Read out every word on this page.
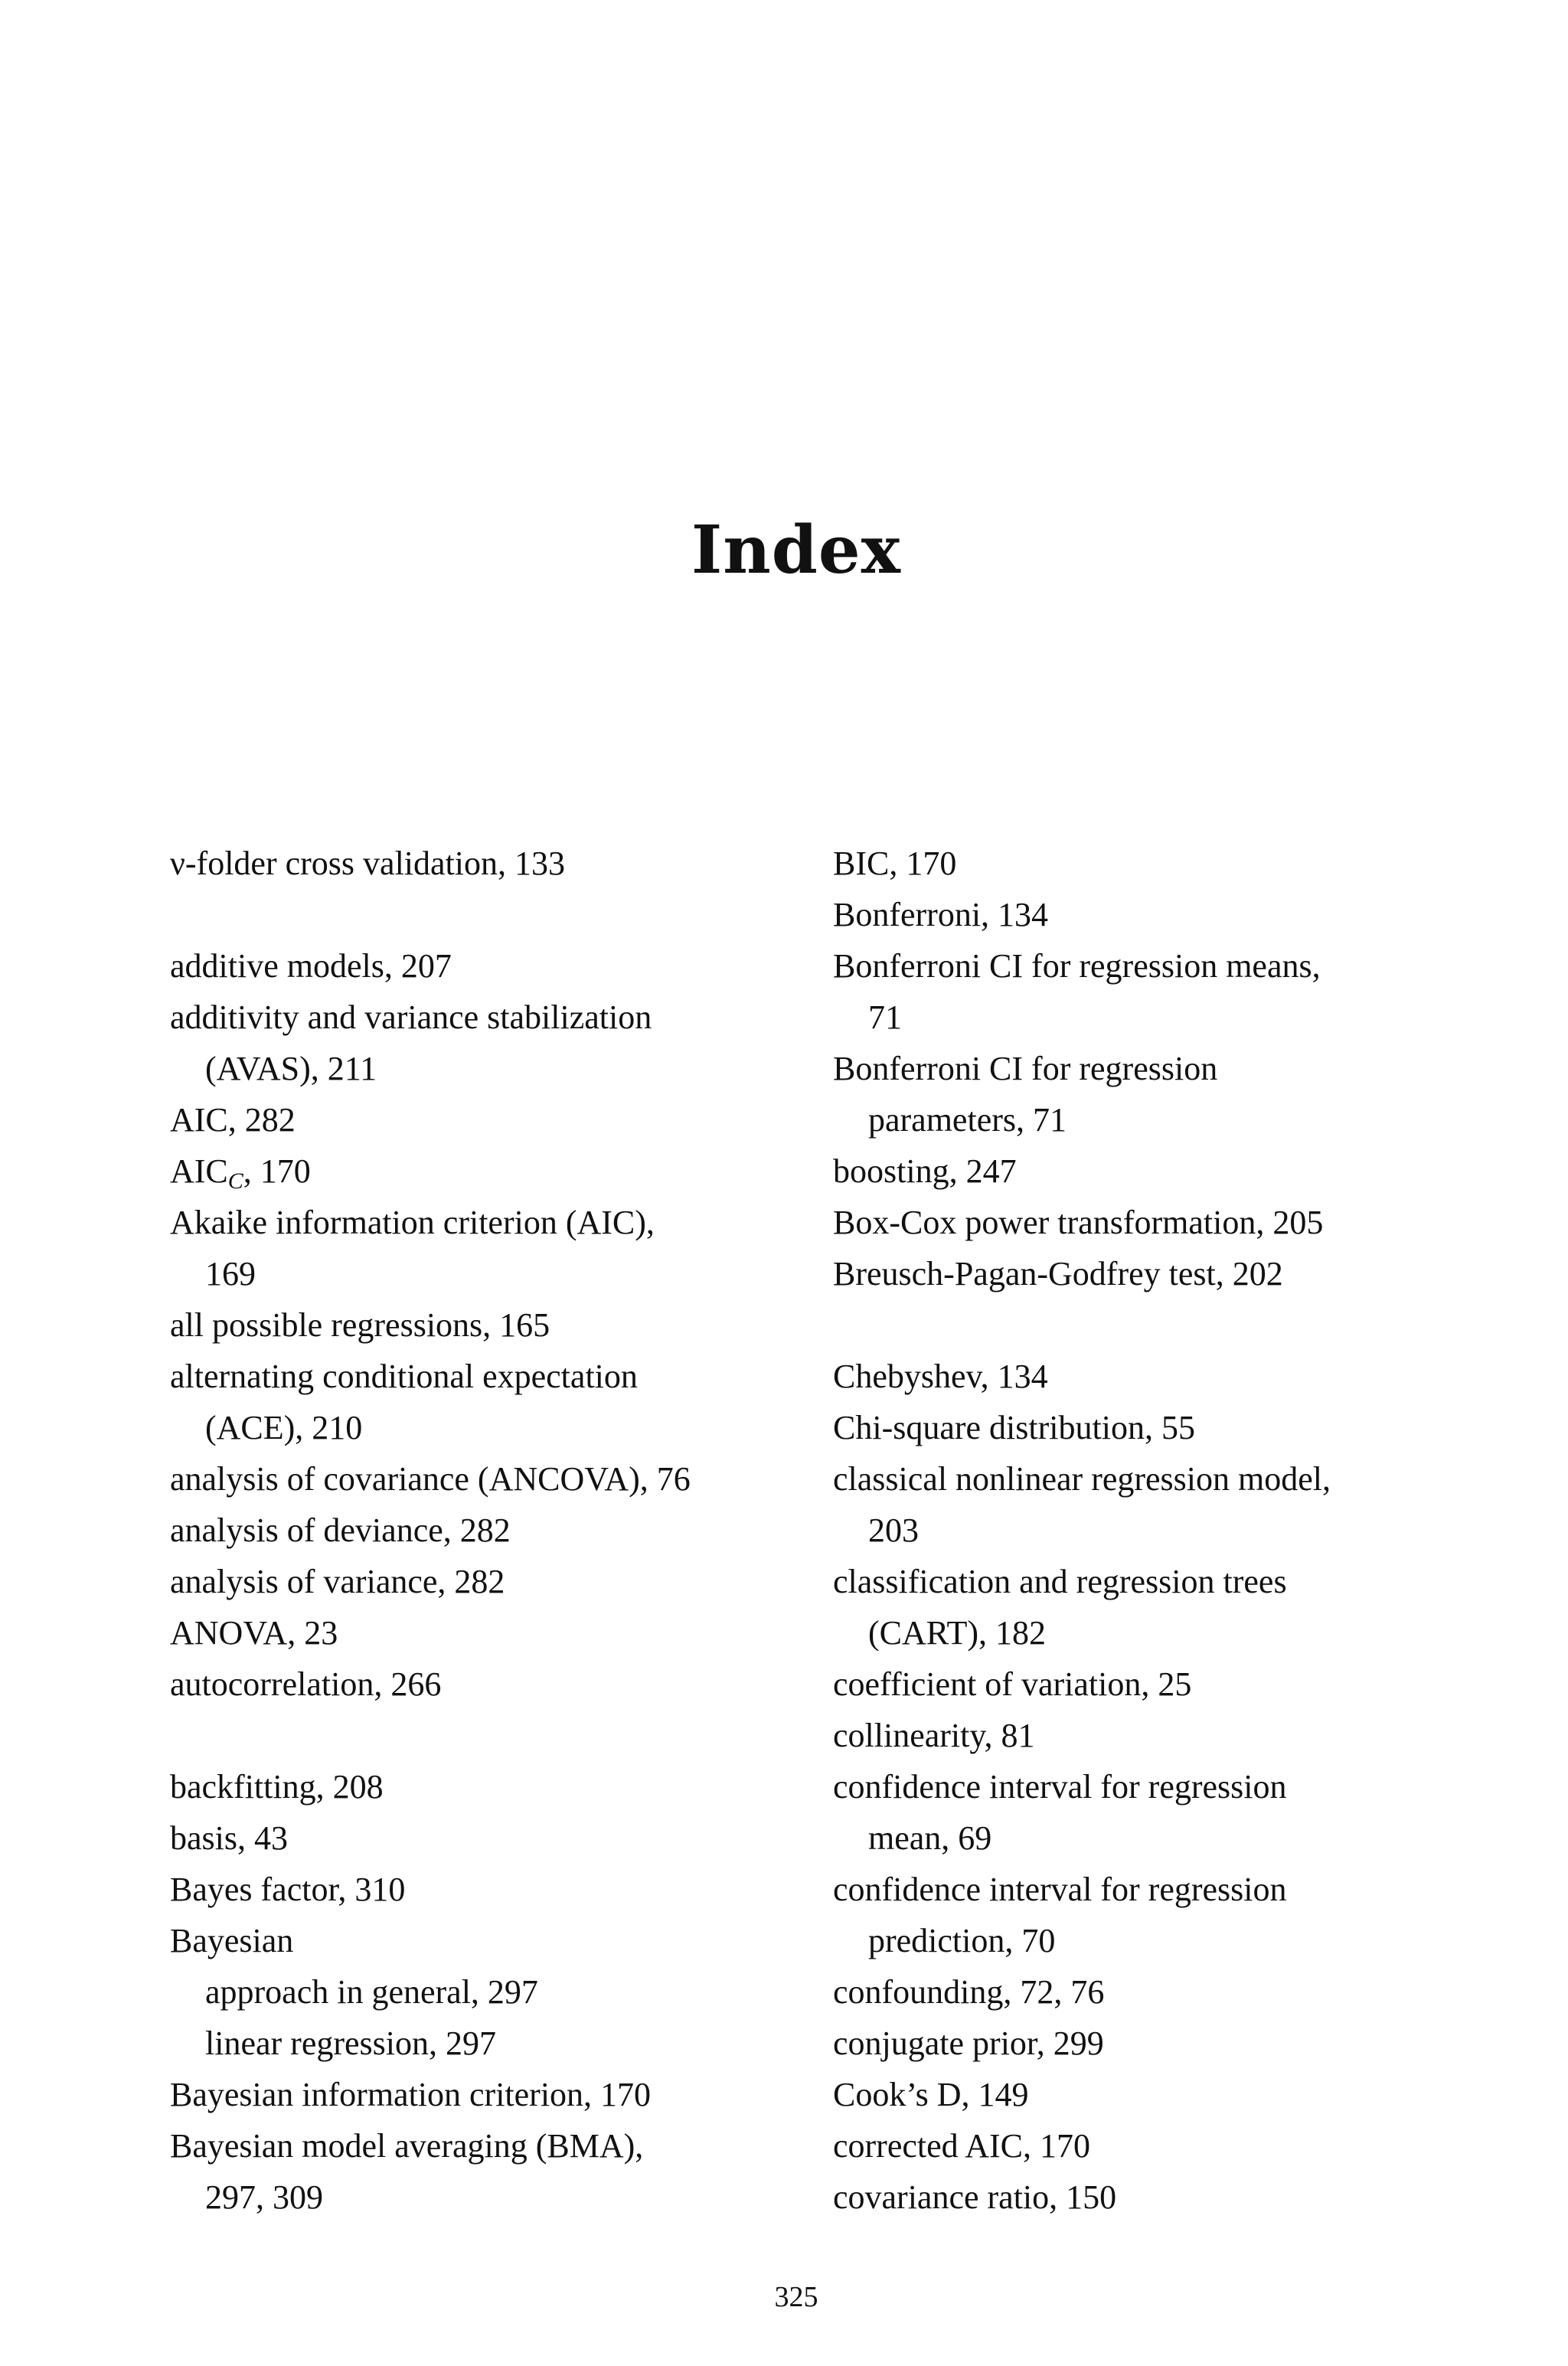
Index
ν-folder cross validation, 133
additive models, 207
additivity and variance stabilization
(AVAS), 211
AIC, 282
$AIC_C$, 170
Akaike information criterion (AIC),
169
all possible regressions, 165
alternating conditional expectation
(ACE), 210
analysis of covariance (ANCOVA), 76
analysis of deviance, 282
analysis of variance, 282
ANOVA, 23
autocorrelation, 266
backfitting, 208
basis, 43
Bayes factor, 310
Bayesian
approach in general, 297
linear regression, 297
Bayesian information criterion, 170
Bayesian model averaging (BMA),
297, 309
BIC, 170
Bonferroni, 134
Bonferroni CI for regression means,
71
Bonferroni CI for regression
parameters, 71
boosting, 247
Box-Cox power transformation, 205
Breusch-Pagan-Godfrey test, 202
Chebyshev, 134
Chi-square distribution, 55
classical nonlinear regression model,
203
classification and regression trees
(CART), 182
coefficient of variation, 25
collinearity, 81
confidence interval for regression
mean, 69
confidence interval for regression
prediction, 70
confounding, 72, 76
conjugate prior, 299
Cook’s D, 149
corrected AIC, 170
covariance ratio, 150
325
